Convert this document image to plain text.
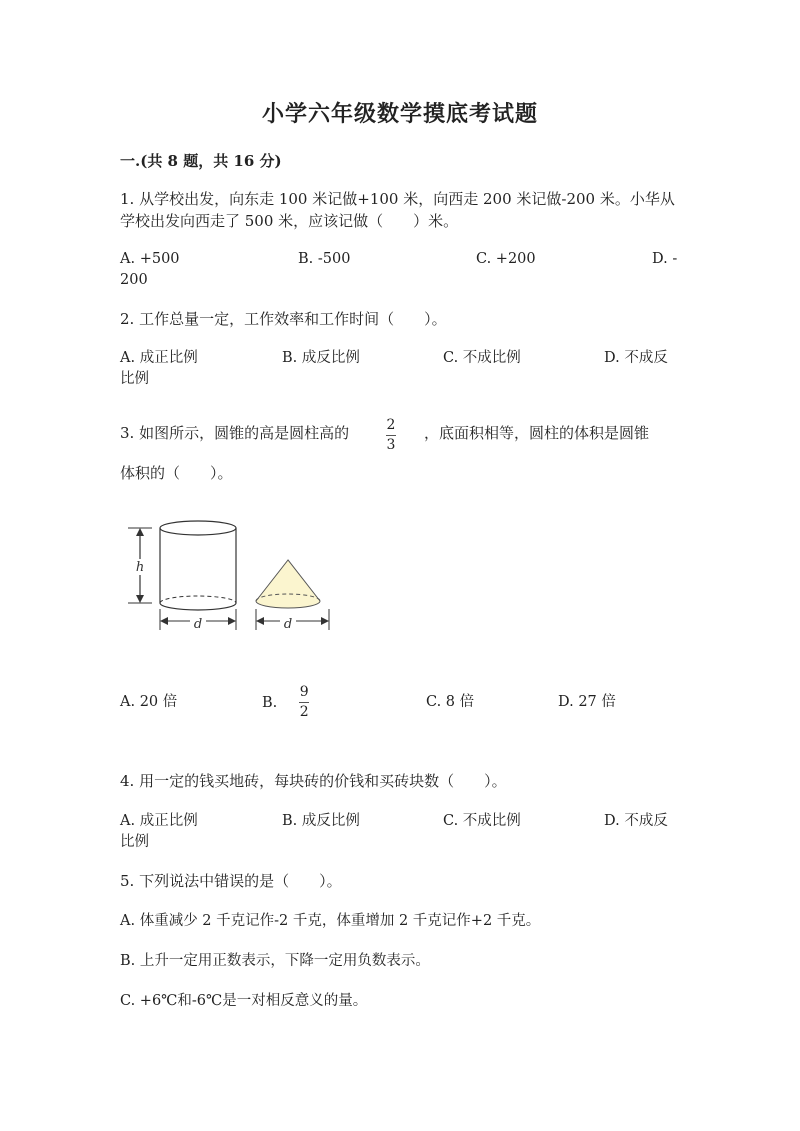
小学六年级数学摸底考试题
一.(共 8 题，共 16 分)
1. 从学校出发，向东走 100 米记做+100 米，向西走 200 米记做-200 米。小华从
学校出发向西走了 500 米，应该记做（　　）米。
A. +500	B. -500	C. +200	D. -
200
2. 工作总量一定，工作效率和工作时间（　　）。
A. 成正比例	B. 成反比例	C. 不成比例	D. 不成反
比例
3. 如图所示，圆锥的高是圆柱高的	2
3
，底面积相等，圆柱的体积是圆锥
体积的（　　）。
h
d	d
A. 20 倍	B. $\frac{9}{2}$	C. 8 倍	D. 27 倍
4. 用一定的钱买地砖，每块砖的价钱和买砖块数（　　）。
A. 成正比例	B. 成反比例	C. 不成比例	D. 不成反
比例
5. 下列说法中错误的是（　　）。
A. 体重减少 2 千克记作-2 千克，体重增加 2 千克记作+2 千克。
B. 上升一定用正数表示，下降一定用负数表示。
C. +6℃和-6℃是一对相反意义的量。
